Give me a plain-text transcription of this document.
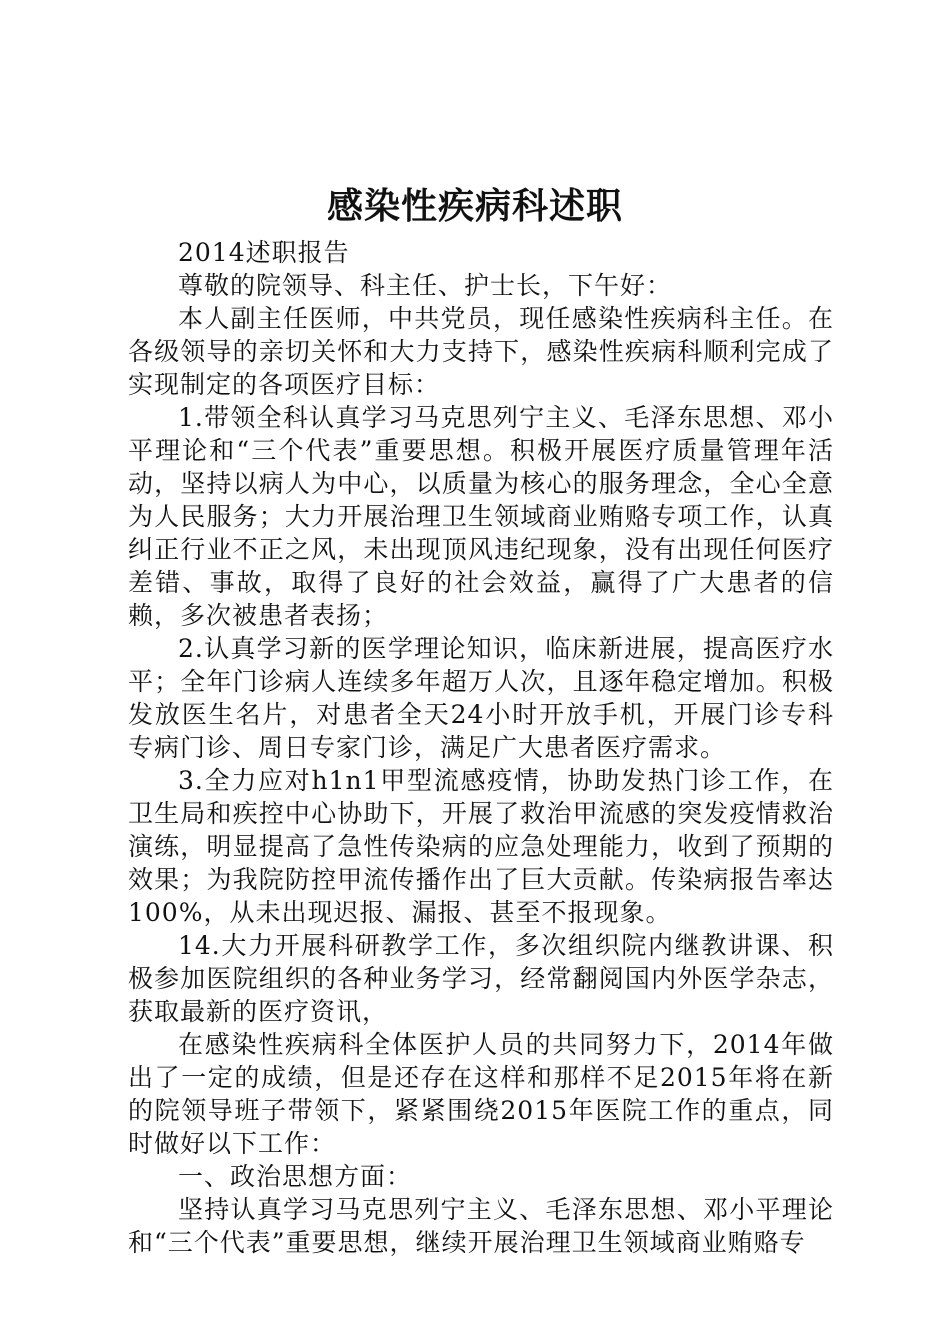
感染性疾病科述职

2014述职报告

尊敬的院领导、科主任、护士长，下午好：

本人副主任医师，中共党员，现任感染性疾病科主任。在各级领导的亲切关怀和大力支持下，感染性疾病科顺利完成了实现制定的各项医疗目标：

1.带领全科认真学习马克思列宁主义、毛泽东思想、邓小平理论和“三个代表”重要思想。积极开展医疗质量管理年活动，坚持以病人为中心，以质量为核心的服务理念，全心全意为人民服务；大力开展治理卫生领域商业贿赂专项工作，认真纠正行业不正之风，未出现顶风违纪现象，没有出现任何医疗差错、事故，取得了良好的社会效益，赢得了广大患者的信赖，多次被患者表扬；

2.认真学习新的医学理论知识，临床新进展，提高医疗水平；全年门诊病人连续多年超万人次，且逐年稳定增加。积极发放医生名片，对患者全天24小时开放手机，开展门诊专科专病门诊、周日专家门诊，满足广大患者医疗需求。

3.全力应对h1n1甲型流感疫情，协助发热门诊工作，在卫生局和疾控中心协助下，开展了救治甲流感的突发疫情救治演练，明显提高了急性传染病的应急处理能力，收到了预期的效果；为我院防控甲流传播作出了巨大贡献。传染病报告率达100%，从未出现迟报、漏报、甚至不报现象。

14.大力开展科研教学工作，多次组织院内继教讲课、积极参加医院组织的各种业务学习，经常翻阅国内外医学杂志，获取最新的医疗资讯，

在感染性疾病科全体医护人员的共同努力下，2014年做出了一定的成绩，但是还存在这样和那样不足2015年将在新的院领导班子带领下，紧紧围绕2015年医院工作的重点，同时做好以下工作：

一、政治思想方面：

坚持认真学习马克思列宁主义、毛泽东思想、邓小平理论和“三个代表”重要思想，继续开展治理卫生领域商业贿赂专
